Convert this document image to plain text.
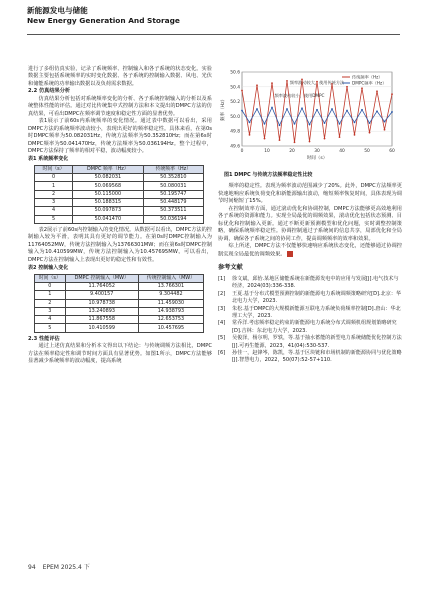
新能源发电与储能
New Energy Generation And Storage

进行了多组仿真实验，记录了系统频率、控制输入和各子系统的状态变化。实验数据主要包括系统频率的实时变化数据、各子系统的控制输入数据、风电、光伏和储能系统的功率输出数据以及负荷需求数据。

2.2 仿真结果分析

仿真结果分析包括对系统频率变化的分析、各子系统控制输入的分析以及系统整体性能的评估。通过对比传统集中式控制方法和本文提出的DMPC方法的仿真结果，可看出DMPC在频率调节速度和稳定性方面的显著优势。

表1展示了前60s内系统频率的变化情况。通过表中数据可以看出，采用DMPC方法的系统频率波动较小，表现出更好的频率稳定性。具体来看，在第0s时DMPC频率为50.082031Hz，传统方法频率为50.352810Hz；而在第6s时DMPC频率为50.041470Hz，传统方法频率为50.036194Hz。整个过程中，DMPC方法保持了频率的相对平稳，波动幅度较小。

表1 系统频率变化
时间（s）	DMPC 频率（Hz）	传统频率（Hz）
0	50.082031	50.352810
1	50.069568	50.080031
2	50.115000	50.195747
3	50.188315	50.448179
4	50.097873	50.373511
5	50.041470	50.036194

表2展示了前60s内控制输入的变化情况。从数据可以看出，DMPC方法的控制输入较为平滑，表明其具有更好的调节能力。在第0s时DMPC控制输入为11764052MW，传统方法控制输入为13766301MW；而在第6s时DMPC控制输入为10.410599MW，传统方法控制输入为10.457695MW。可以看出，DMPC方法在控制输入上表现出更好的稳定性和有效性。

表2 控制输入变化
时间（s）	DMPC 控制输入（MW）	传统控制输入（MW）
0	11.764052	13.766301
1	9.400157	9.304482
2	10.978738	11.459030
3	13.240893	14.938793
4	11.867558	12.653753
5	10.410599	10.457695

2.3 性能评估

通过上述仿真结果和分析本文得出以下结论：与传统调频方法相比，DMPC方法在频率稳定性和调节时间方面具有显著优势。如图1所示，DMPC方法能够显著减少系统频率的波动幅度，提高系统

49.6
49.8
50.0
50.2
50.4
50.6
0	10	20	30	40	50	60
时间（s）
频率（Hz）
传统频率（Hz）
DMPC频率（Hz）
频率波动较大，使用传统方法
频率波动较小，使用DMPC
图1 DMPC 与传统方法频率稳定性比较

频率的稳定性。表现为频率波动范围减少了20%。此外，DMPC方法频率更快速地响应系统负荷变化和新能源输出波动，缩短频率恢复时间，具体表现为调节时间缩短了15%。

在控制效率方面，通过滚动优化和协调控制，DMPC方法能够更高效地利用各子系统的资源和能力。实现全局最优的调频效果，滚动优化包括状态预测、目标优化和控制输入更新。通过不断更新预测模型和优化问题，实时调整控制策略，确保系统频率稳定性。协调控制通过子系统间的信息共享，局部优化和全局协调，确保各子系统之间的协同工作，提高调频频率的效率和效果。

综上所述，DMPC方法不仅能够快速响应系统状态变化，还能够通过协调控制实现全局最优的调频效果。	国

参考文献
[1]	徐文斌，邱怡.某地区储能系统在新能源发电中的应用与发展[J].电气技术与经济，2024(03):336-338.
[2]	王夏.基于分布式模型预测控制的新能源电力系统调频策略研究[D].北京：华北电力大学，2023.
[3]	朱松.基于DMPC的大规模新能源互联电力系统负荷频率控制[D].唐山：华北理工大学，2023.
[4]	常乔洋.考虑频率稳定约束的新能源电力系统分布式调频机组规划策略研究[D].吉林：东北电力大学，2023.
[5]	吴俊泽，杨尔明，罗轶，等.基于抽水蓄能的新型电力系统储能优化控制方法[J].可再生能源，2023，41(04):530-537.
[6]	孙佳一，赵锋岑，陈凯，等.基于区块链和市场机制的新能源协同与优化策略[J].智慧电力，2022，50(07):52-57+110.
94 EPEM 2025.4 下
